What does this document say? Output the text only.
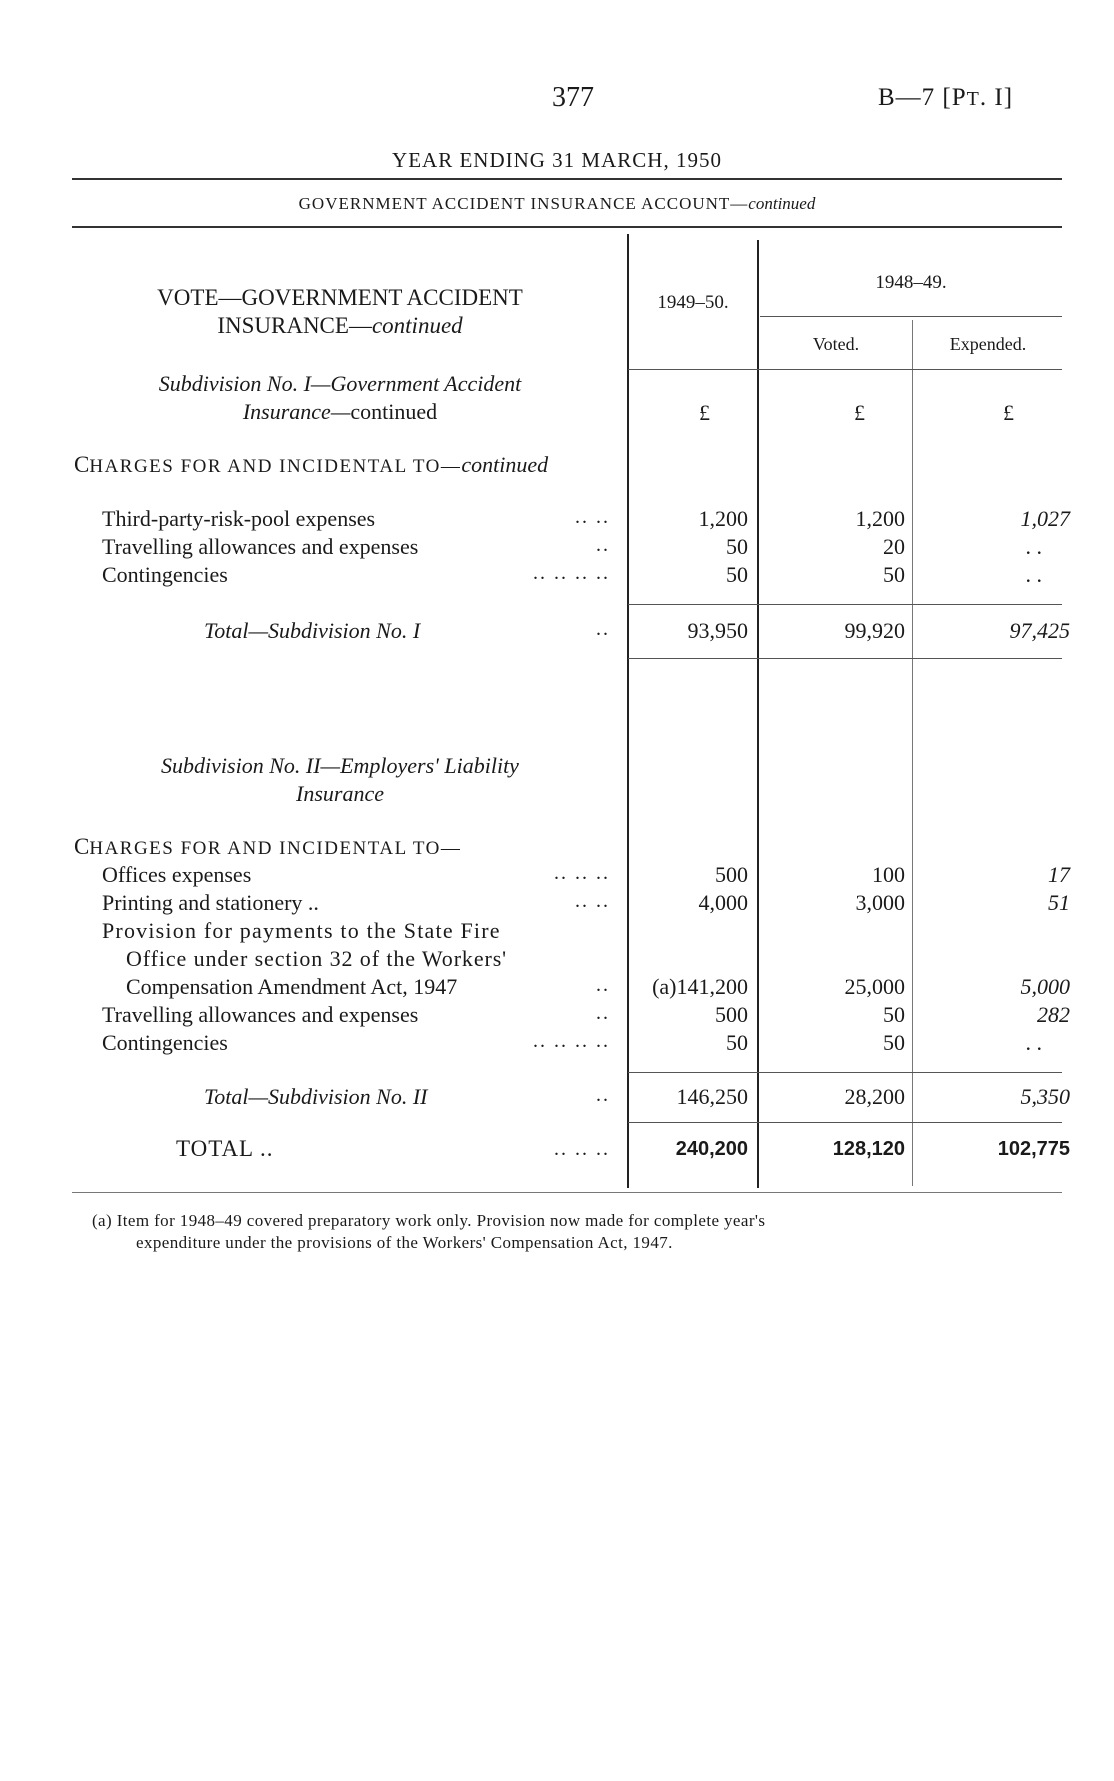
377	B—7 [PT. I]
YEAR ENDING 31 MARCH, 1950
GOVERNMENT ACCIDENT INSURANCE ACCOUNT—continued
VOTE—GOVERNMENT ACCIDENT
INSURANCE—continued
1949–50.
1948–49.
Voted.	Expended.
£	£	£
Subdivision No. I—Government Accident
Insurance—continued
CHARGES FOR AND INCIDENTAL TO—continued
Third-party-risk-pool expenses	.. ..	1,200	1,200	1,027
Travelling allowances and expenses	..	50	20	. .
Contingencies	.. .. .. ..	50	50	. .
Total—Subdivision No. I	..	93,950	99,920	97,425
Subdivision No. II—Employers' Liability
Insurance
CHARGES FOR AND INCIDENTAL TO—
Offices expenses	.. .. ..	500	100	17
Printing and stationery ..	.. ..	4,000	3,000	51
Provision for payments to the State Fire
Office under section 32 of the Workers'
Compensation Amendment Act, 1947	..	(a)141,200	25,000	5,000
Travelling allowances and expenses	..	500	50	282
Contingencies	.. .. .. ..	50	50	. .
Total—Subdivision No. II	..	146,250	28,200	5,350
TOTAL ..	.. .. ..	240,200	128,120	102,775
(a) Item for 1948–49 covered preparatory work only. Provision now made for complete year's
expenditure under the provisions of the Workers' Compensation Act, 1947.
